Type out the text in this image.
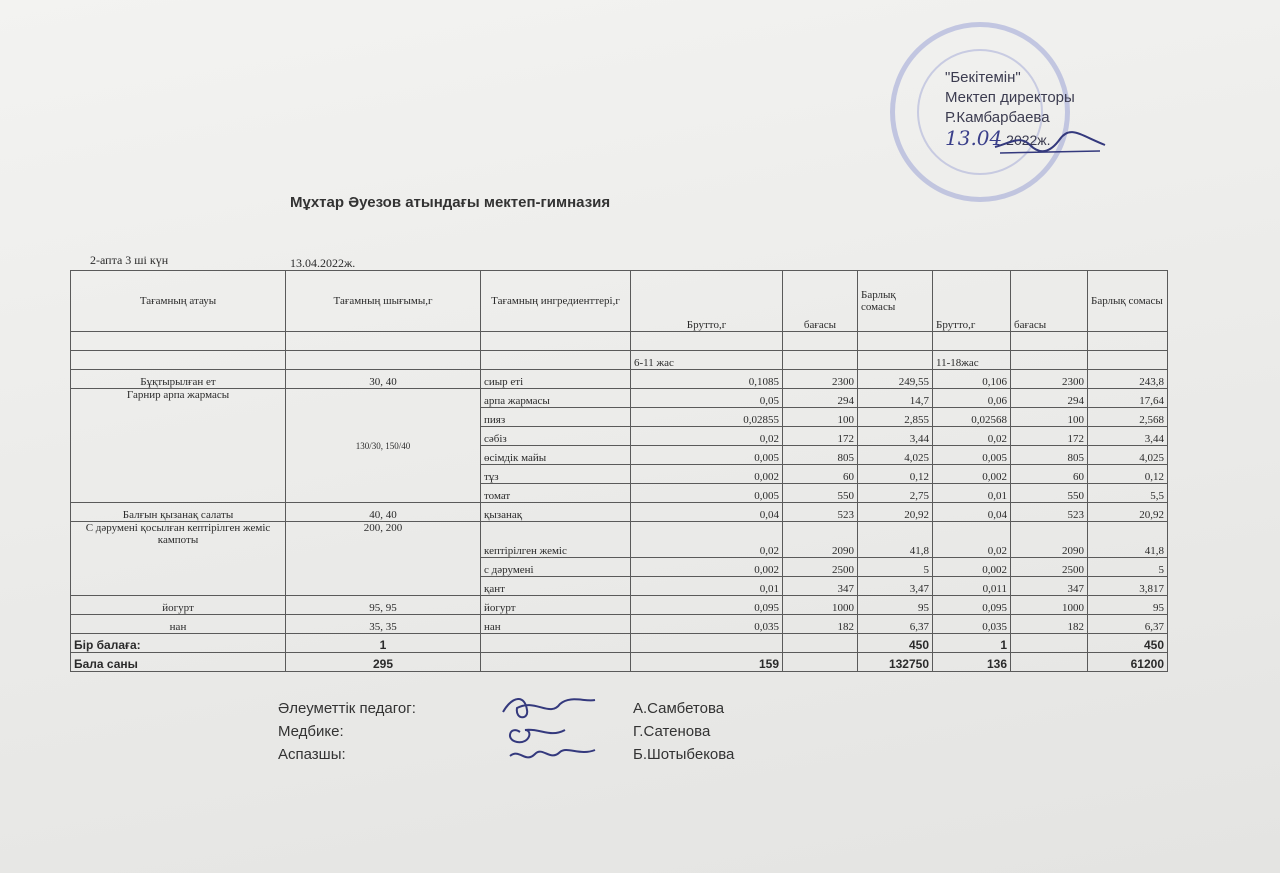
"Бекітемін"
Мектеп директоры
Р.Камбарбаева
13.04 2022ж.
Мұхтар Әуезов атындағы мектеп-гимназия
2-апта 3 ші күн	13.04.2022ж.
Тағамның атауы	Тағамның шығымы,г	Тағамның ингредиенттері,г	Брутто,г	бағасы	Барлық сомасы	Брутто,г	бағасы	Барлық сомасы

			6-11 жас			11-18жас		
Бұқтырылған ет	30, 40	сиыр еті	0,1085	2300	249,55	0,106	2300	243,8
Гарнир арпа жармасы	130/30, 150/40	арпа жармасы	0,05	294	14,7	0,06	294	17,64
		пияз	0,02855	100	2,855	0,02568	100	2,568
		сәбіз	0,02	172	3,44	0,02	172	3,44
		өсімдік майы	0,005	805	4,025	0,005	805	4,025
		тұз	0,002	60	0,12	0,002	60	0,12
		томат	0,005	550	2,75	0,01	550	5,5
Балғын қызанақ салаты	40, 40	қызанақ	0,04	523	20,92	0,04	523	20,92
С дәрумені қосылған кептірілген жеміс кампоты	200, 200	кептірілген жеміс	0,02	2090	41,8	0,02	2090	41,8
		с дәрумені	0,002	2500	5	0,002	2500	5
		қант	0,01	347	3,47	0,011	347	3,817
йогурт	95, 95	йогурт	0,095	1000	95	0,095	1000	95
нан	35, 35	нан	0,035	182	6,37	0,035	182	6,37
Бір балаға:	1				450	1		450
Бала саны	295		159		132750	136		61200
Әлеуметтік педагог:	А.Самбетова
Медбике:	Г.Сатенова
Аспазшы:	Б.Шотыбекова
